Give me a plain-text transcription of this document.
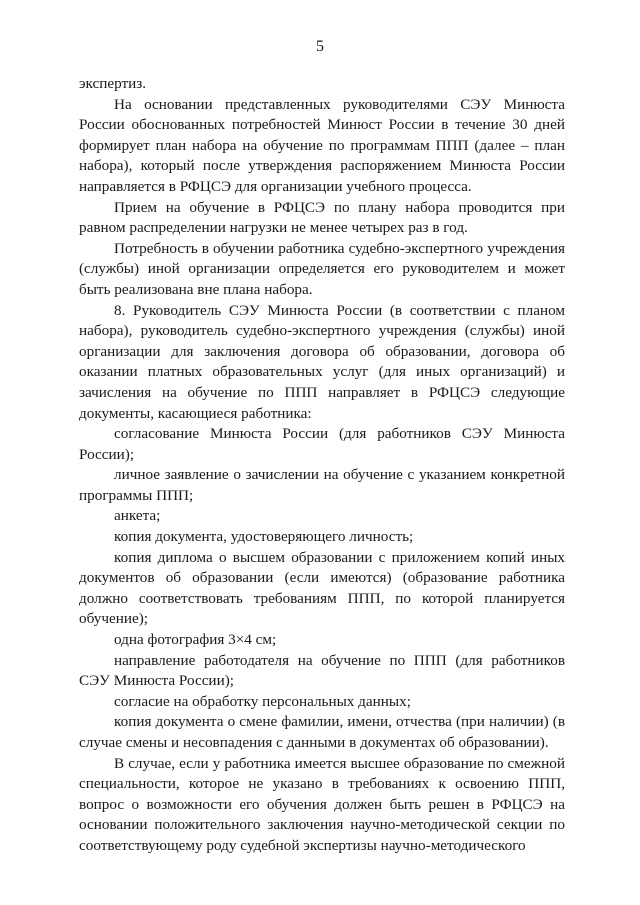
5

экспертиз.

На основании представленных руководителями СЭУ Минюста России обоснованных потребностей Минюст России в течение 30 дней формирует план набора на обучение по программам ППП (далее – план набора), который после утверждения распоряжением Минюста России направляется в РФЦСЭ для организации учебного процесса.

Прием на обучение в РФЦСЭ по плану набора проводится при равном распределении нагрузки не менее четырех раз в год.

Потребность в обучении работника судебно-экспертного учреждения (службы) иной организации определяется его руководителем и может быть реализована вне плана набора.

8. Руководитель СЭУ Минюста России (в соответствии с планом набора), руководитель судебно-экспертного учреждения (службы) иной организации для заключения договора об образовании, договора об оказании платных образовательных услуг (для иных организаций) и зачисления на обучение по ППП направляет в РФЦСЭ следующие документы, касающиеся работника:

согласование Минюста России (для работников СЭУ Минюста России);

личное заявление о зачислении на обучение с указанием конкретной программы ППП;

анкета;

копия документа, удостоверяющего личность;

копия диплома о высшем образовании с приложением копий иных документов об образовании (если имеются) (образование работника должно соответствовать требованиям ППП, по которой планируется обучение);

одна фотография 3×4 см;

направление работодателя на обучение по ППП (для работников СЭУ Минюста России);

согласие на обработку персональных данных;

копия документа о смене фамилии, имени, отчества (при наличии) (в случае смены и несовпадения с данными в документах об образовании).

В случае, если у работника имеется высшее образование по смежной специальности, которое не указано в требованиях к освоению ППП, вопрос о возможности его обучения должен быть решен в РФЦСЭ на основании положительного заключения научно-методической секции по соответствующему роду судебной экспертизы научно-методического
